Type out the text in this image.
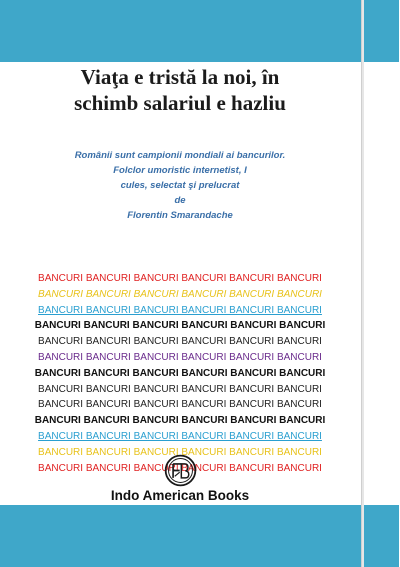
Viaţa e tristă la noi, în
schimb salariul e hazliu
Românii sunt campionii mondiali ai bancurilor.
Folclor umoristic internetist, I
cules, selectat şi prelucrat
de
Florentin Smarandache
BANCURI BANCURI BANCURI BANCURI BANCURI BANCURI
BANCURI BANCURI BANCURI BANCURI BANCURI BANCURI
BANCURI BANCURI BANCURI BANCURI BANCURI BANCURI
BANCURI BANCURI BANCURI BANCURI BANCURI BANCURI
BANCURI BANCURI BANCURI BANCURI BANCURI BANCURI
BANCURI BANCURI BANCURI BANCURI BANCURI BANCURI
BANCURI BANCURI BANCURI BANCURI BANCURI BANCURI
BANCURI BANCURI BANCURI BANCURI BANCURI BANCURI
BANCURI BANCURI BANCURI BANCURI BANCURI BANCURI
BANCURI BANCURI BANCURI BANCURI BANCURI BANCURI
BANCURI BANCURI BANCURI BANCURI BANCURI BANCURI
BANCURI BANCURI BANCURI BANCURI BANCURI BANCURI
BANCURI BANCURI BANCURI BANCURI BANCURI BANCURI
Indo American Books
